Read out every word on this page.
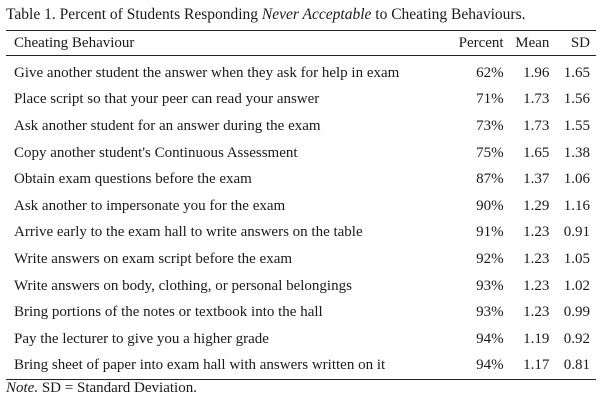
Table 1. Percent of Students Responding Never Acceptable to Cheating Behaviours.
Cheating Behaviour	Percent	Mean	SD
Give another student the answer when they ask for help in exam	62%	1.96	1.65
Place script so that your peer can read your answer	71%	1.73	1.56
Ask another student for an answer during the exam	73%	1.73	1.55
Copy another student's Continuous Assessment	75%	1.65	1.38
Obtain exam questions before the exam	87%	1.37	1.06
Ask another to impersonate you for the exam	90%	1.29	1.16
Arrive early to the exam hall to write answers on the table	91%	1.23	0.91
Write answers on exam script before the exam	92%	1.23	1.05
Write answers on body, clothing, or personal belongings	93%	1.23	1.02
Bring portions of the notes or textbook into the hall	93%	1.23	0.99
Pay the lecturer to give you a higher grade	94%	1.19	0.92
Bring sheet of paper into exam hall with answers written on it	94%	1.17	0.81
Note. SD = Standard Deviation.
